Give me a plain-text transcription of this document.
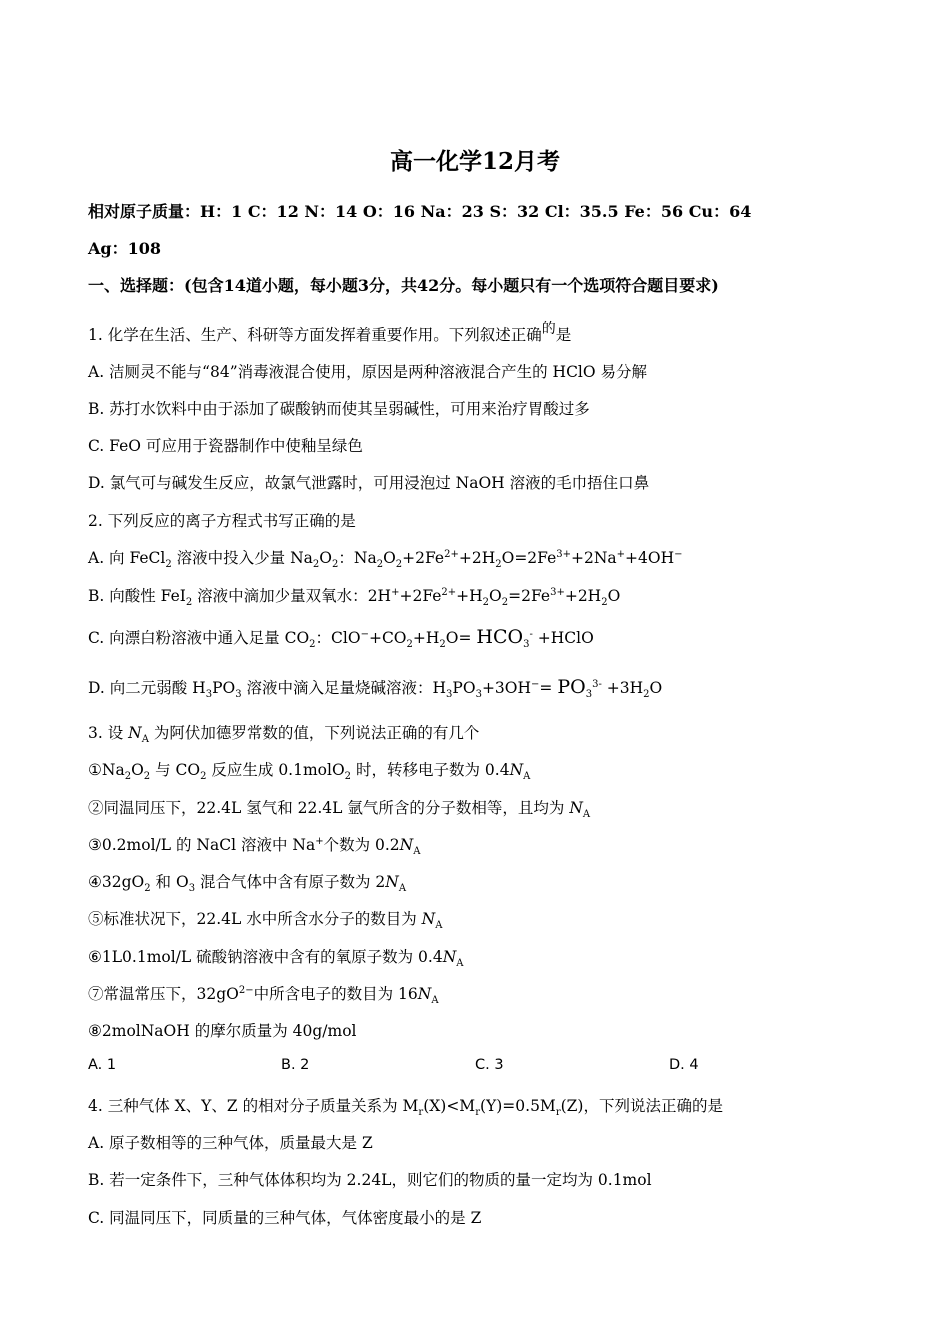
高一化学12月考
相对原子质量：H：1 C：12 N：14 O：16 Na：23 S：32 Cl：35.5 Fe：56 Cu：64
Ag：108
一、选择题：(包含14道小题，每小题3分，共42分。每小题只有一个选项符合题目要求)
1. 化学在生活、生产、科研等方面发挥着重要作用。下列叙述正确的是
A. 洁厕灵不能与“84”消毒液混合使用，原因是两种溶液混合产生的 HClO 易分解
B. 苏打水饮料中由于添加了碳酸钠而使其呈弱碱性，可用来治疗胃酸过多
C. FeO 可应用于瓷器制作中使釉呈绿色
D. 氯气可与碱发生反应，故氯气泄露时，可用浸泡过 NaOH 溶液的毛巾捂住口鼻
2. 下列反应的离子方程式书写正确的是
A. 向 FeCl$_2$ 溶液中投入少量 $Na_2O_2$：$Na_2O_2+2Fe^{2+}+2H_2O=2Fe^{3+}+2Na^++4OH^-$
B. 向酸性 FeI$_2$ 溶液中滴加少量双氧水：$2H^++2Fe^{2+}+H_2O_2=2Fe^{3+}+2H_2O$
C. 向漂白粉溶液中通入足量 $CO_2$：$ClO^-+CO_2+H_2O= HCO_3^-$ +HClO
D. 向二元弱酸 $H_3PO_3$ 溶液中滴入足量烧碱溶液：$H_3PO_3+3OH^-= PO_3^{3-} +3H_2O$
3. 设 $N_A$ 为阿伏加德罗常数的值，下列说法正确的有几个
$①Na_2O_2$ 与 $CO_2$ 反应生成 0.1molO$_2$ 时，转移电子数为 $0.4N_A$
②同温同压下，22.4L 氢气和 22.4L 氩气所含的分子数相等，且均为 $N_A$
③0.2mol/L 的 NaCl 溶液中 Na+个数为 $0.2N_A$
$④32gO_2$ 和 $O_3$ 混合气体中含有原子数为 $2N_A$
⑤标准状况下，22.4L 水中所含水分子的数目为 $N_A$
⑥1L0.1mol/L 硫酸钠溶液中含有的氧原子数为 $0.4N_A$
⑦常温常压下，$32gO^{2-}$中所含电子的数目为 $16N_A$
⑧2molNaOH 的摩尔质量为 40g/mol
A. 1	B. 2	C. 3	D. 4
4. 三种气体 X、Y、Z 的相对分子质量关系为 $M_r(X)<M_r(Y)=0.5M_r(Z)$，下列说法正确的是
A. 原子数相等的三种气体，质量最大是 Z
B. 若一定条件下，三种气体体积均为 2.24L，则它们的物质的量一定均为 0.1mol
C. 同温同压下，同质量的三种气体，气体密度最小的是 Z
